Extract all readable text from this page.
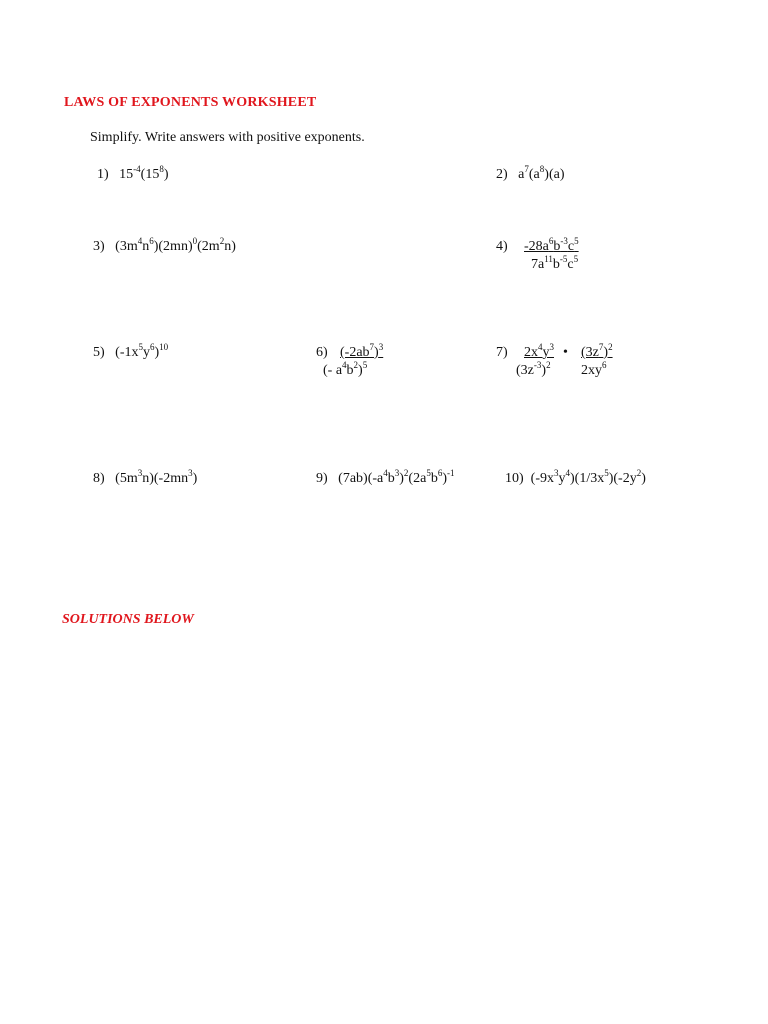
LAWS OF EXPONENTS WORKSHEET
Simplify. Write answers with positive exponents.
1) $15^{-4}(15^8)$	2) $a^7(a^8)(a)$
3) $(3m^4n^6)(2mn)^0(2m^2n)$	4) $-28a^6b^{-3}c^5$
$7a^{11}b^{-5}c^5$
5) $(-1x^5y^6)^{10}$	6) $(-2ab^7)^3$
(- $a^4b^2)^5$
7) $2x^4y^3$ • $(3z^7)^2$
$(3z^{-3})^2$ $2xy^6$
8) $(5m^3n)(-2mn^3)$	9) $(7ab)(-a^4b^3)^2(2a^5b^6)^{-1}$	10) $(-9x^3y^4)(1/3x^5)(-2y^2)$
SOLUTIONS BELOW
